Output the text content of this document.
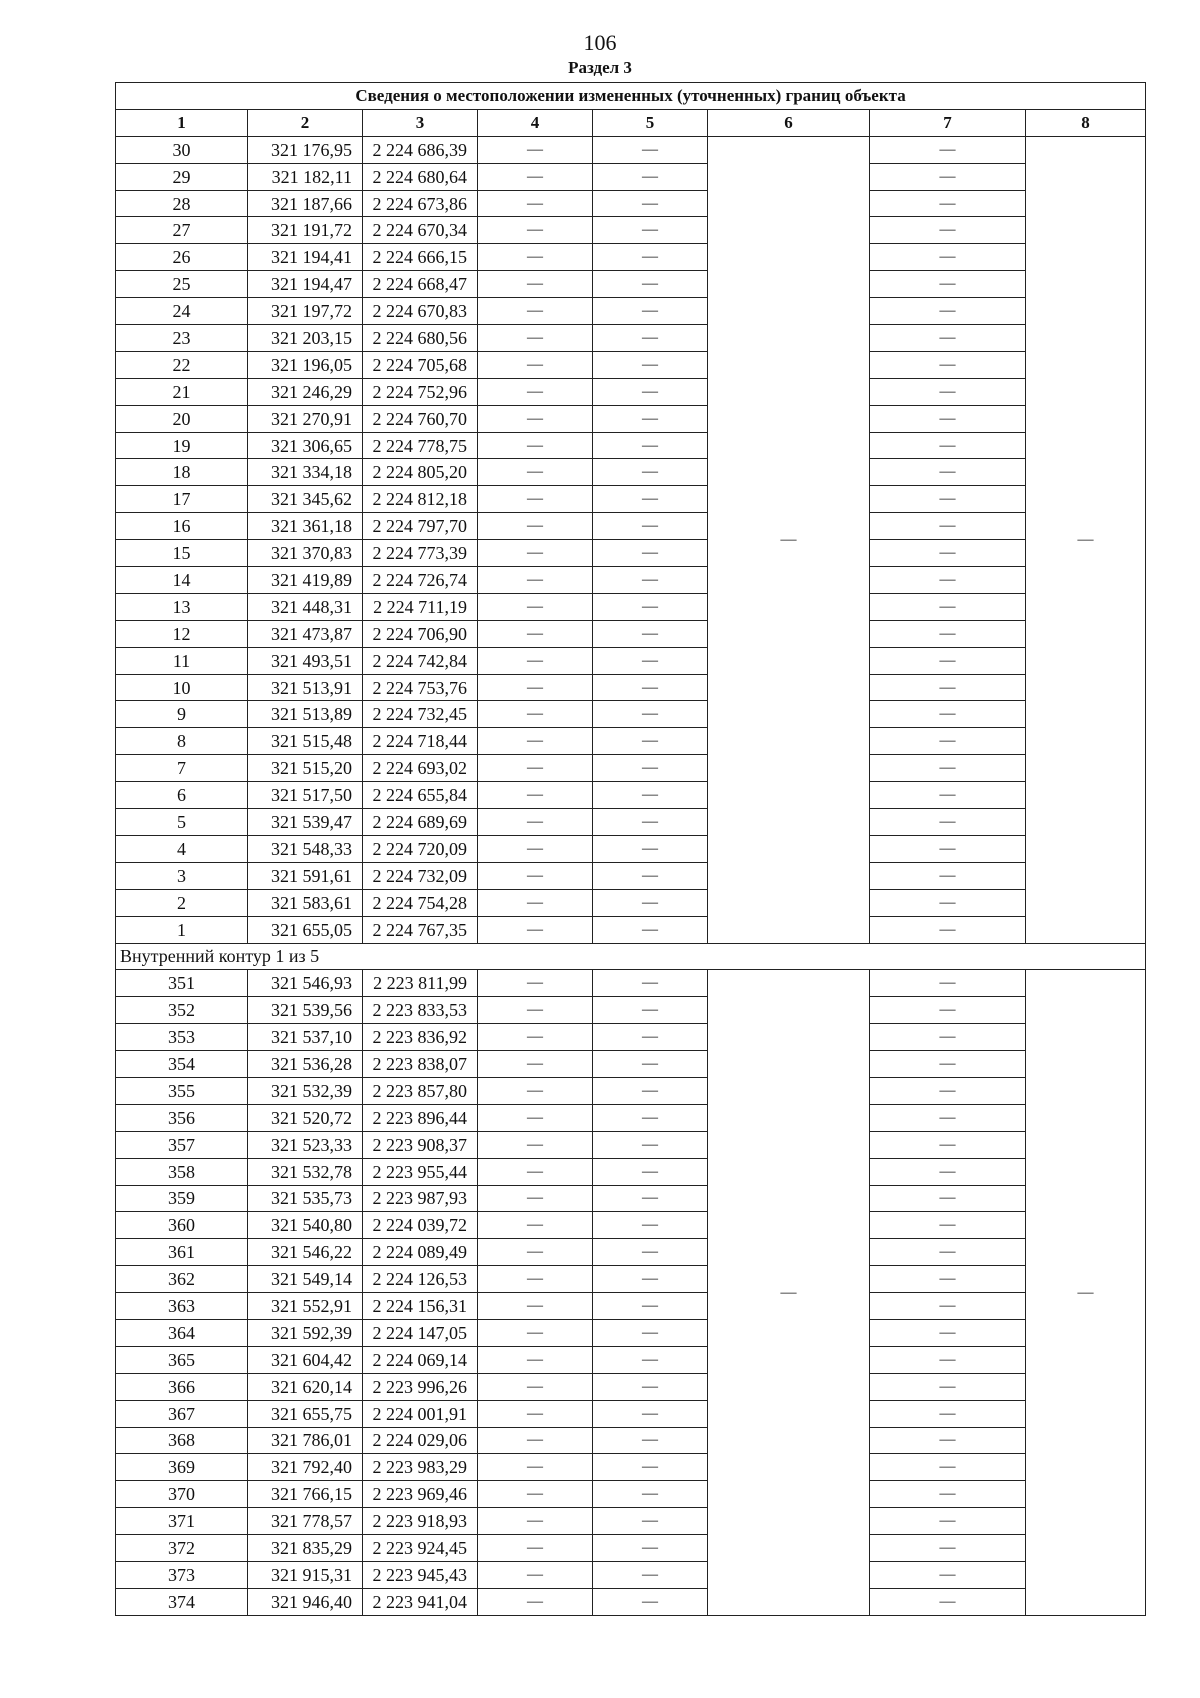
106
Раздел 3
Сведения о местоположении измененных (уточненных) границ объекта							
1	2	3	4	5	6	7	8
30	321 176,95	2 224 686,39	—	—	—	—	—
29	321 182,11	2 224 680,64	—	—		—	
28	321 187,66	2 224 673,86	—	—		—	
27	321 191,72	2 224 670,34	—	—		—	
26	321 194,41	2 224 666,15	—	—		—	
25	321 194,47	2 224 668,47	—	—		—	
24	321 197,72	2 224 670,83	—	—		—	
23	321 203,15	2 224 680,56	—	—		—	
22	321 196,05	2 224 705,68	—	—		—	
21	321 246,29	2 224 752,96	—	—		—	
20	321 270,91	2 224 760,70	—	—		—	
19	321 306,65	2 224 778,75	—	—		—	
18	321 334,18	2 224 805,20	—	—		—	
17	321 345,62	2 224 812,18	—	—		—	
16	321 361,18	2 224 797,70	—	—		—	
15	321 370,83	2 224 773,39	—	—		—	
14	321 419,89	2 224 726,74	—	—		—	
13	321 448,31	2 224 711,19	—	—		—	
12	321 473,87	2 224 706,90	—	—		—	
11	321 493,51	2 224 742,84	—	—		—	
10	321 513,91	2 224 753,76	—	—		—	
9	321 513,89	2 224 732,45	—	—		—	
8	321 515,48	2 224 718,44	—	—		—	
7	321 515,20	2 224 693,02	—	—		—	
6	321 517,50	2 224 655,84	—	—		—	
5	321 539,47	2 224 689,69	—	—		—	
4	321 548,33	2 224 720,09	—	—		—	
3	321 591,61	2 224 732,09	—	—		—	
2	321 583,61	2 224 754,28	—	—		—	
1	321 655,05	2 224 767,35	—	—		—	
Внутренний контур 1 из 5							
351	321 546,93	2 223 811,99	—	—	—	—	—
352	321 539,56	2 223 833,53	—	—		—	
353	321 537,10	2 223 836,92	—	—		—	
354	321 536,28	2 223 838,07	—	—		—	
355	321 532,39	2 223 857,80	—	—		—	
356	321 520,72	2 223 896,44	—	—		—	
357	321 523,33	2 223 908,37	—	—		—	
358	321 532,78	2 223 955,44	—	—		—	
359	321 535,73	2 223 987,93	—	—		—	
360	321 540,80	2 224 039,72	—	—		—	
361	321 546,22	2 224 089,49	—	—		—	
362	321 549,14	2 224 126,53	—	—		—	
363	321 552,91	2 224 156,31	—	—		—	
364	321 592,39	2 224 147,05	—	—		—	
365	321 604,42	2 224 069,14	—	—		—	
366	321 620,14	2 223 996,26	—	—		—	
367	321 655,75	2 224 001,91	—	—		—	
368	321 786,01	2 224 029,06	—	—		—	
369	321 792,40	2 223 983,29	—	—		—	
370	321 766,15	2 223 969,46	—	—		—	
371	321 778,57	2 223 918,93	—	—		—	
372	321 835,29	2 223 924,45	—	—		—	
373	321 915,31	2 223 945,43	—	—		—	
374	321 946,40	2 223 941,04	—	—		—	
